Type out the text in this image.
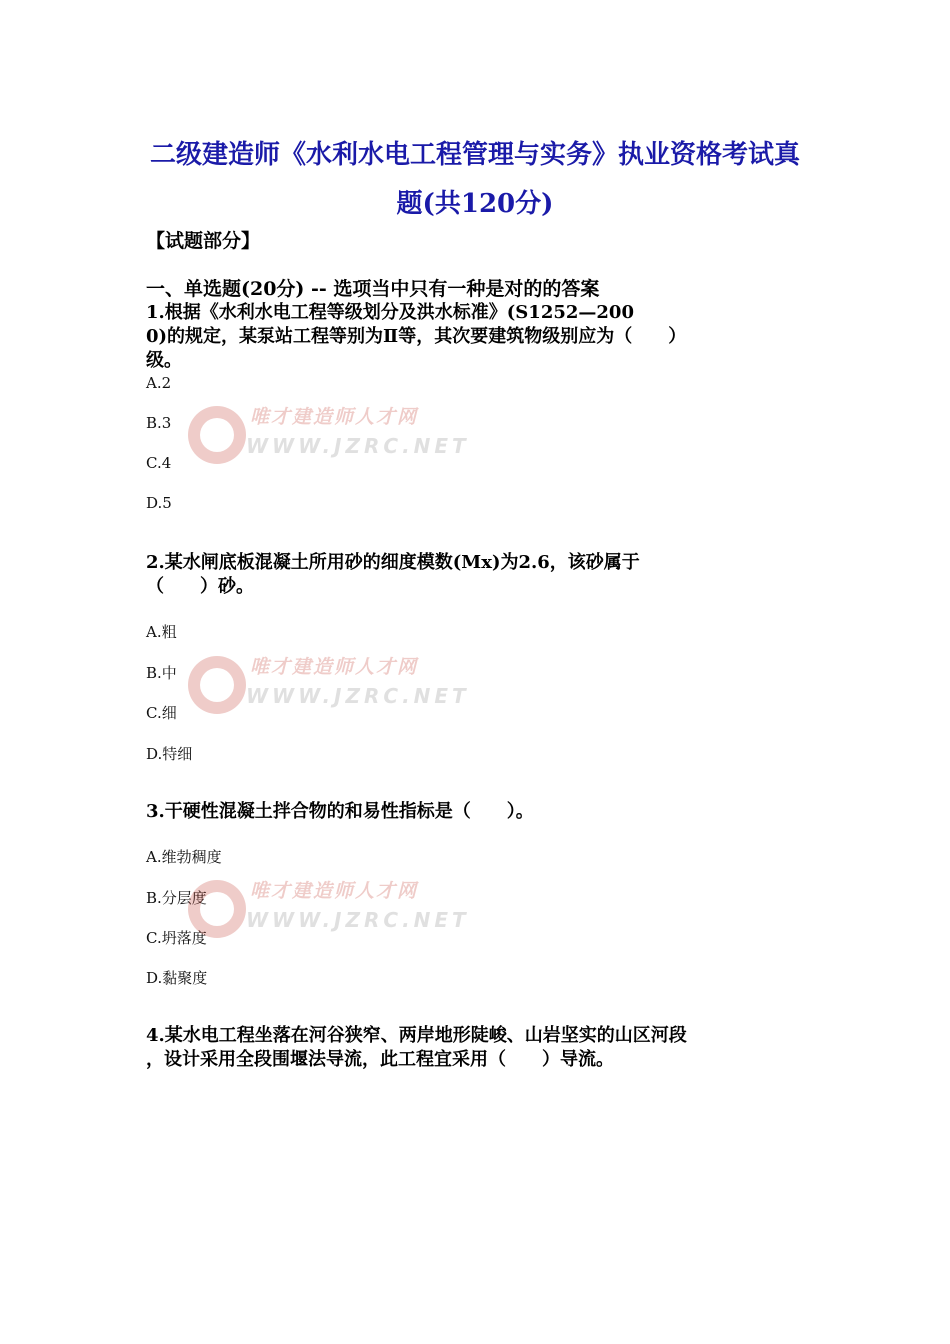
二级建造师《水利水电工程管理与实务》执业资格考试真
题(共120分)

【试题部分】

一、单选题(20分) -- 选项当中只有一种是对的的答案

1.根据《水利水电工程等级划分及洪水标准》(S1252—200

0)的规定，某泵站工程等别为Ⅱ等，其次要建筑物级别应为（　　）

级。

A.2
B.3
C.4
D.5

2.某水闸底板混凝土所用砂的细度模数(Mx)为2.6，该砂属于

（　　）砂。

A.粗
B.中
C.细
D.特细

3.干硬性混凝土拌合物的和易性指标是（　　）。

A.维勃稠度
B.分层度
C.坍落度
D.黏聚度

4.某水电工程坐落在河谷狭窄、两岸地形陡峻、山岩坚实的山区河段

，设计采用全段围堰法导流，此工程宜采用（　　）导流。

唯才建造师人才网
WWW.JZRC.NET
唯才建造师人才网
WWW.JZRC.NET
唯才建造师人才网
WWW.JZRC.NET
